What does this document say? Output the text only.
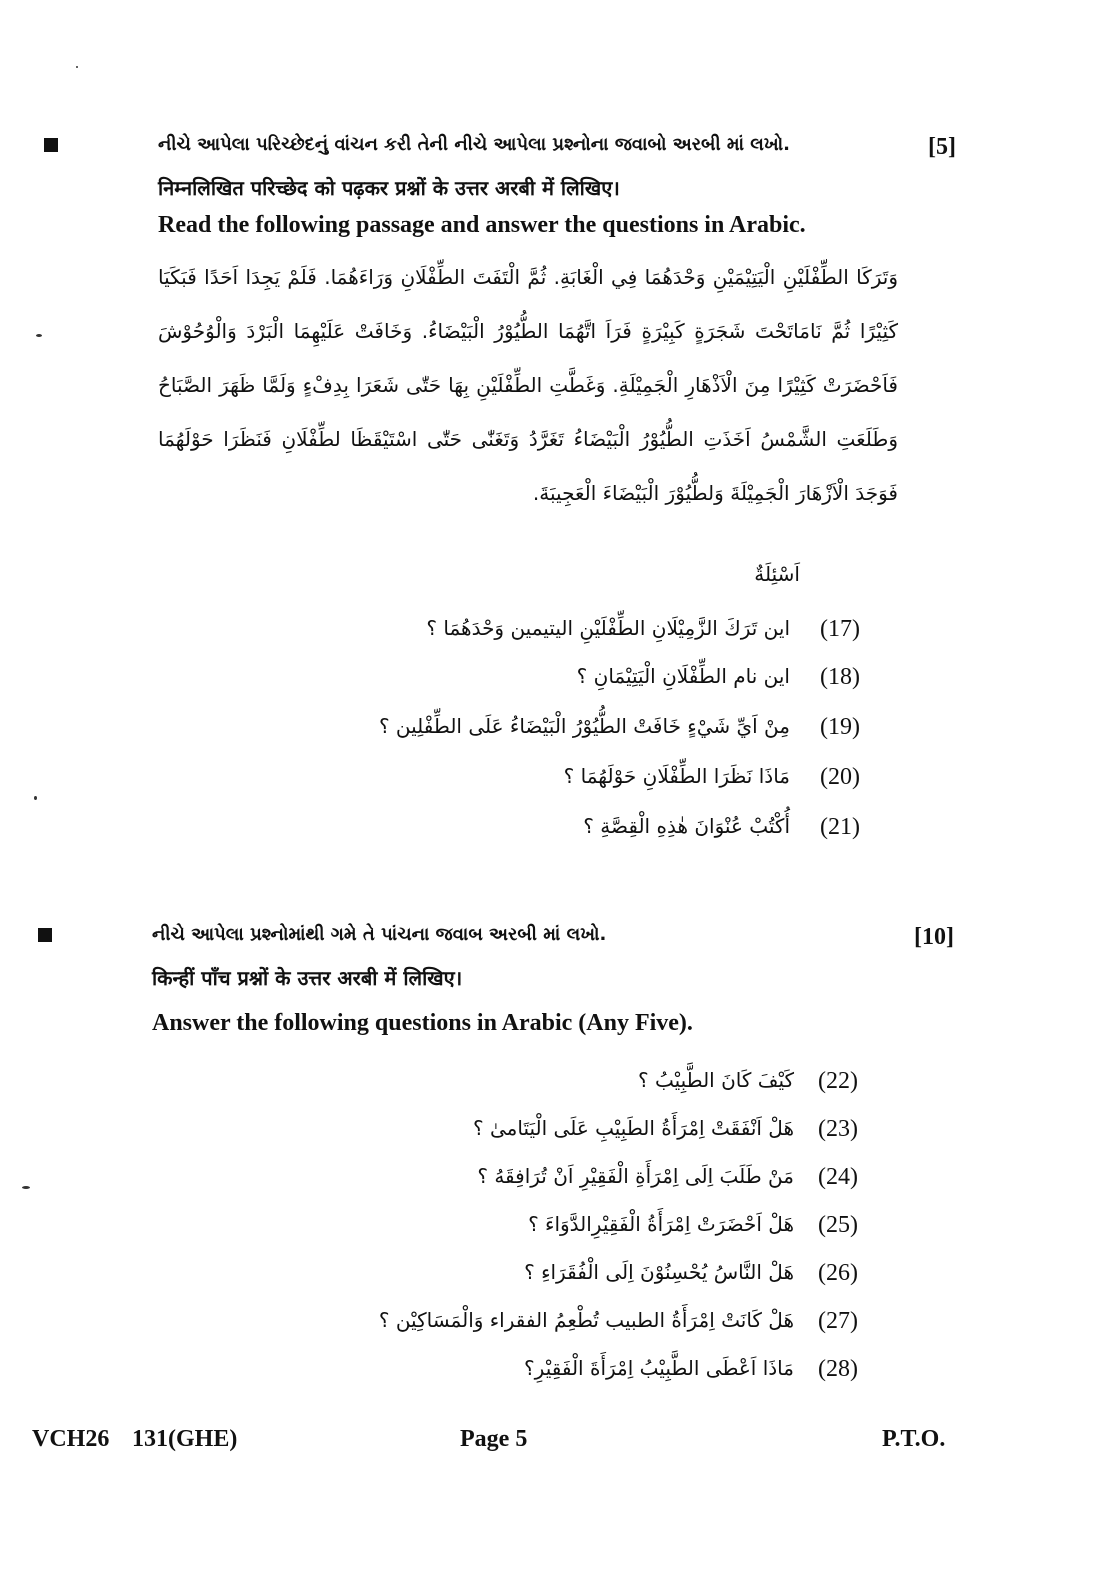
નીચે આપેલા પરિચ્છેદનું વાંચન કરી તેની નીચે આપેલા પ્રશ્નોના જવાબો અરબી માં લખો.	[5]
निम्नलिखित परिच्छेद को पढ़कर प्रश्नों के उत्तर अरबी में लिखिए।
Read the following passage and answer the questions in Arabic.
وَتَرَكَا الطِّفْلَيْنِ الْيَتِيْمَيْنِ وَحْدَهُمَا فِي الْغَابَةِ. ثُمَّ الْتَفَتَ الطِّفْلَانِ وَرَاءَهُمَا. فَلَمْ يَجِدَا اَحَدًا فَبَكَيَا كَثِيْرًا ثُمَّ نَامَاتَحْتَ شَجَرَةٍ كَبِيْرَةٍ فَرَاَ اتَّهُمَا الطُّيُوْرُ الْبَيْضَاءُ. وَخَافَتْ عَلَيْهِمَا الْبَرْدَ وَالْوُحُوْشَ فَاَحْضَرَتْ كَثِيْرًا مِنَ الْاَذْهَارِ الْجَمِيْلَةِ. وَغَطَّتِ الطِّفْلَيْنِ بِهَا حَتّٰى شَعَرَا بِدِفْءٍ وَلَمَّا ظَهَرَ الصَّبَاحُ وَطَلَعَتِ الشَّمْسُ اَخَذَتِ الطُّيُوْرُ الْبَيْضَاءُ تَغَرَّدُ وَتَغَنّٰى حَتّٰى اسْتَيْقَظَا لطِّفْلَانِ فَنَظَرَا حَوْلَهُمَا فَوَجَدَ الْاَزْهَارَ الْجَمِيْلَةَ وَلطُّيُوْرَ الْبَيْضَاءَ الْعَجِيبَةَ.
اَسْئِلَةٌ
(17)
اين تَرَكَ الزَّمِيْلَانِ الطِّفْلَيْنِ اليتيمين وَحْدَهُمَا ؟
(18)
اين نام الطِّفْلَانِ الْيَتِيْمَانِ ؟
(19)
مِنْ اَيِّ شَيْءٍ خَافَتْ الطُّيُوْرُ الْبَيْضَاءُ عَلَى الطِّفْلِين ؟
(20)
مَاذَا نَظَرَا الطِّفْلَانِ حَوْلَهُمَا ؟
(21)
أُكْتُبْ عُنْوَانَ هٰذِهِ الْقِصَّةِ ؟
નીચે આપેલા પ્રશ્નોમાંથી ગમે તે પાંચના જવાબ અરબી માં લખો.	[10]
किन्हीं पाँच प्रश्नों के उत्तर अरबी में लिखिए।
Answer the following questions in Arabic (Any Five).
(22)
كَيْفَ كَانَ الطَّبِيْبُ ؟
(23)
هَلْ اَنْفَقَتْ اِمْرَأَةُ الطَبِيْبِ عَلَى الْيَتَامىٰ ؟
(24)
مَنْ طَلَبَ اِلَى اِمْرَأَةِ الْفَقِيْرِ اَنْ تُرَافِقَهُ ؟
(25)
هَلْ اَحْضَرَتْ اِمْرَأَةُ الْفَقِيْرِالدَّوَاءَ ؟
(26)
هَلْ النَّاسُ يُحْسِنُوْنَ اِلَى الْفُقَرَاءِ ؟
(27)
هَلْ كَانَتْ اِمْرَأَةُ الطبيب تُطْعِمُ الفقراء وَالْمَسَاكِيْن ؟
(28)
مَاذَا اَعْطَى الطَّبِيْبُ اِمْرَأَةَ الْفَقِيْرِ؟
VCH26 131(GHE)	Page 5	P.T.O.
